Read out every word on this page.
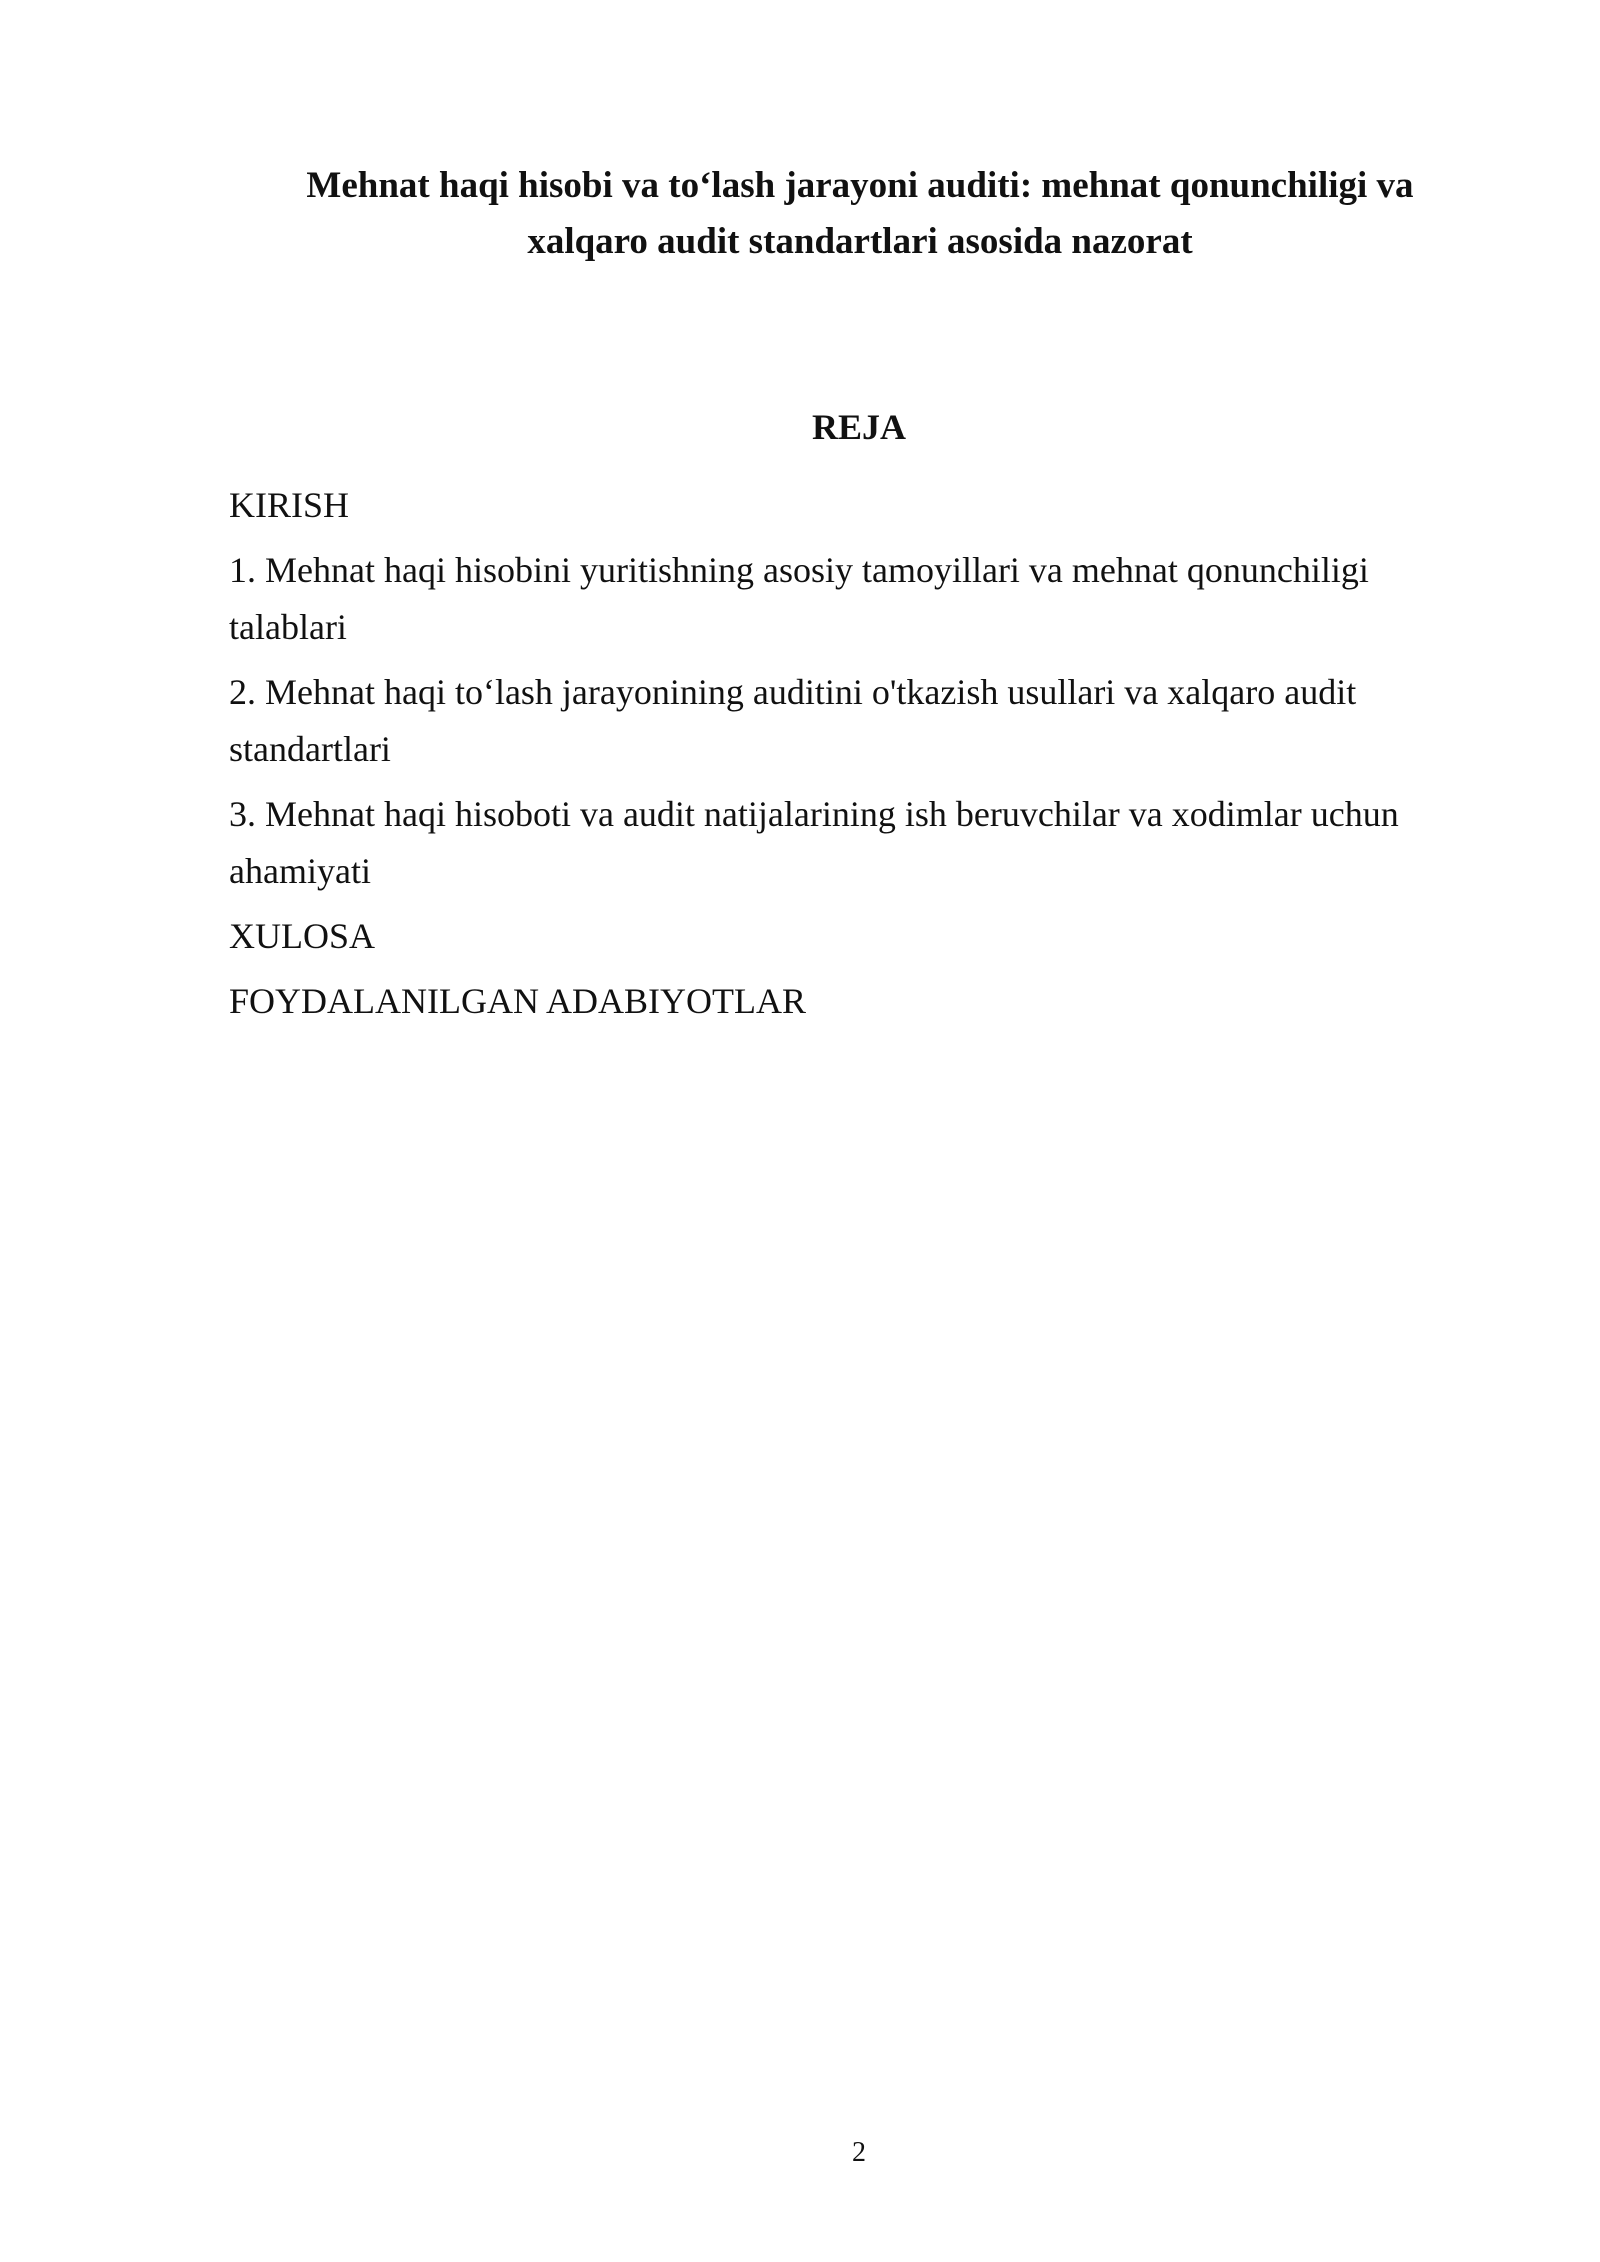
Mehnat haqi hisobi va to‘lash jarayoni auditi: mehnat qonunchiligi va
xalqaro audit standartlari asosida nazorat
REJA
KIRISH
1. Mehnat haqi hisobini yuritishning asosiy tamoyillari va mehnat qonunchiligi
talablari
2. Mehnat haqi to‘lash jarayonining auditini o'tkazish usullari va xalqaro audit
standartlari
3. Mehnat haqi hisoboti va audit natijalarining ish beruvchilar va xodimlar uchun
ahamiyati
XULOSA
FOYDALANILGAN ADABIYOTLAR
2
